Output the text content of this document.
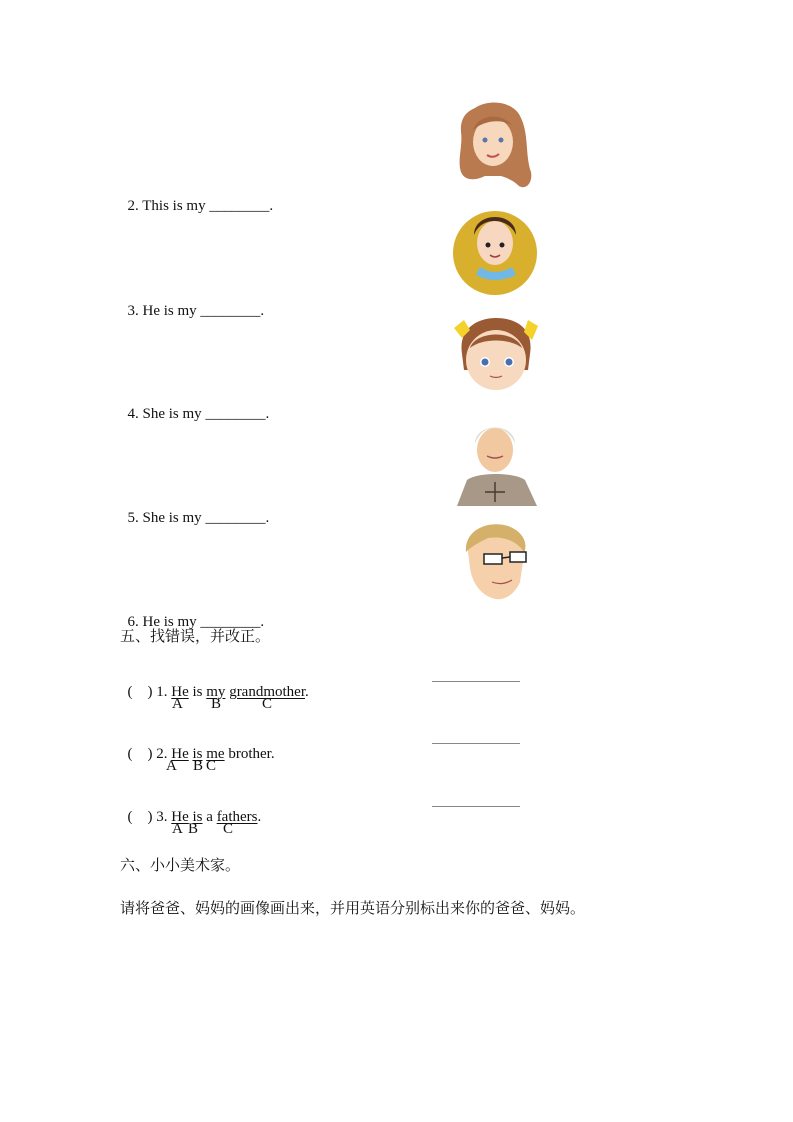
2. This is my ________.

3. He is my ________.

4. She is my ________.

5. She is my ________.

6. He is my ________.

五、找错误，并改正。

(    ) 1. He is my grandmother.

A B	C

(    ) 2. He is me brother.

A B C

(    ) 3. He is a fathers.

A B C
六、小小美术家。
请将爸爸、妈妈的画像画出来，并用英语分别标出来你的爸爸、妈妈。
